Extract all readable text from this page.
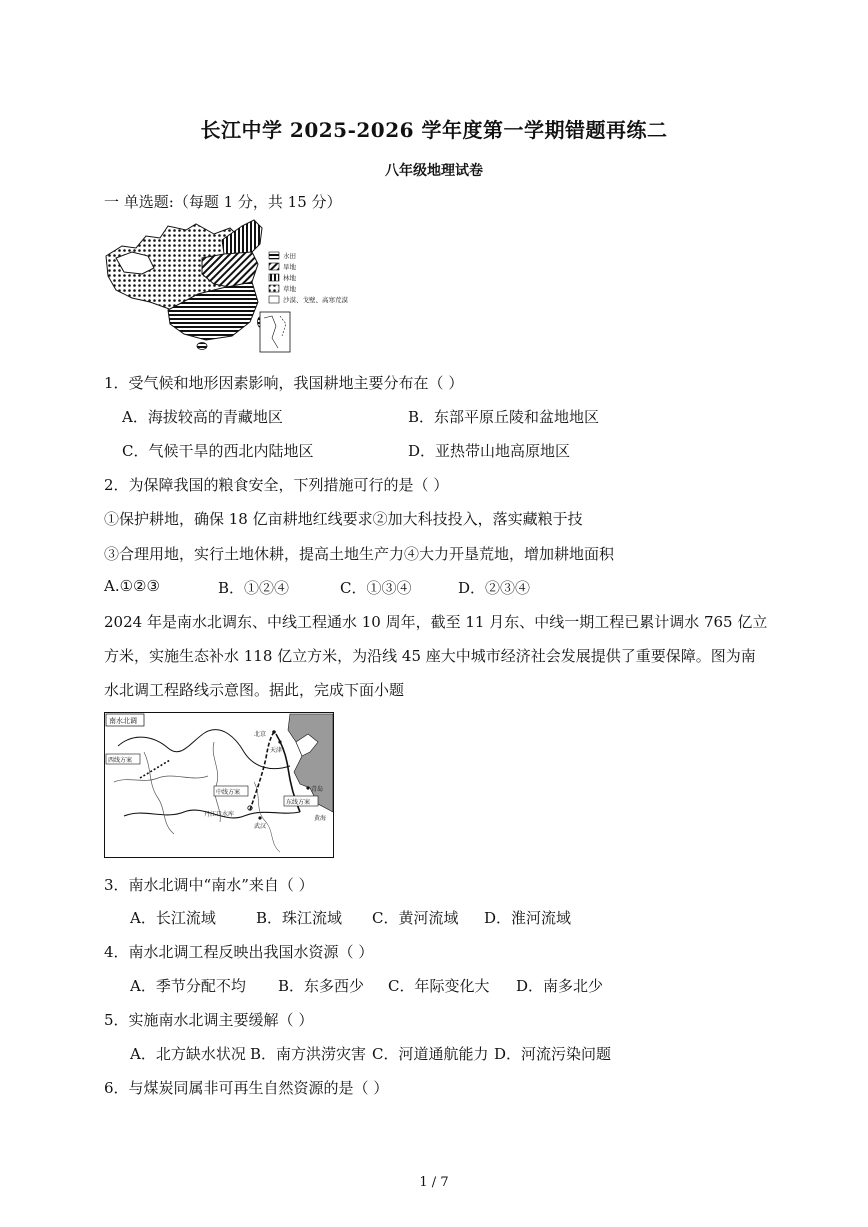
长江中学 2025-2026 学年度第一学期错题再练二
八年级地理试卷
一 单选题:（每题 1 分，共 15 分）
水田
旱地
林地
草地
沙漠、戈壁、高寒荒漠
1．受气候和地形因素影响，我国耕地主要分布在（ ）
A．海拔较高的青藏地区	B．东部平原丘陵和盆地地区
C．气候干旱的西北内陆地区	D．亚热带山地高原地区
2．为保障我国的粮食安全，下列措施可行的是（ ）
①保护耕地，确保 18 亿亩耕地红线要求②加大科技投入，落实藏粮于技
③合理用地，实行土地休耕，提高土地生产力④大力开垦荒地，增加耕地面积
A.①②③	B．①②④	C．①③④	D．②③④
2024 年是南水北调东、中线工程通水 10 周年，截至 11 月东、中线一期工程已累计调水 765 亿立
方米，实施生态补水 118 亿立方米，为沿线 45 座大中城市经济社会发展提供了重要保障。图为南
水北调工程路线示意图。据此，完成下面小题
南水北调
西线方案
中线方案
东线方案
北京
天津
青岛
武汉
丹江口水库
黄海
3．南水北调中“南水”来自（ ）
A．长江流域	B．珠江流域 C．黄河流域 D．淮河流域
4．南水北调工程反映出我国水资源（ ）
A．季节分配不均 B．东多西少 C．年际变化大 D．南多北少
5．实施南水北调主要缓解（ ）
A．北方缺水状况 B．南方洪涝灾害 C．河道通航能力 D．河流污染问题
6．与煤炭同属非可再生自然资源的是（ ）
1 / 7
